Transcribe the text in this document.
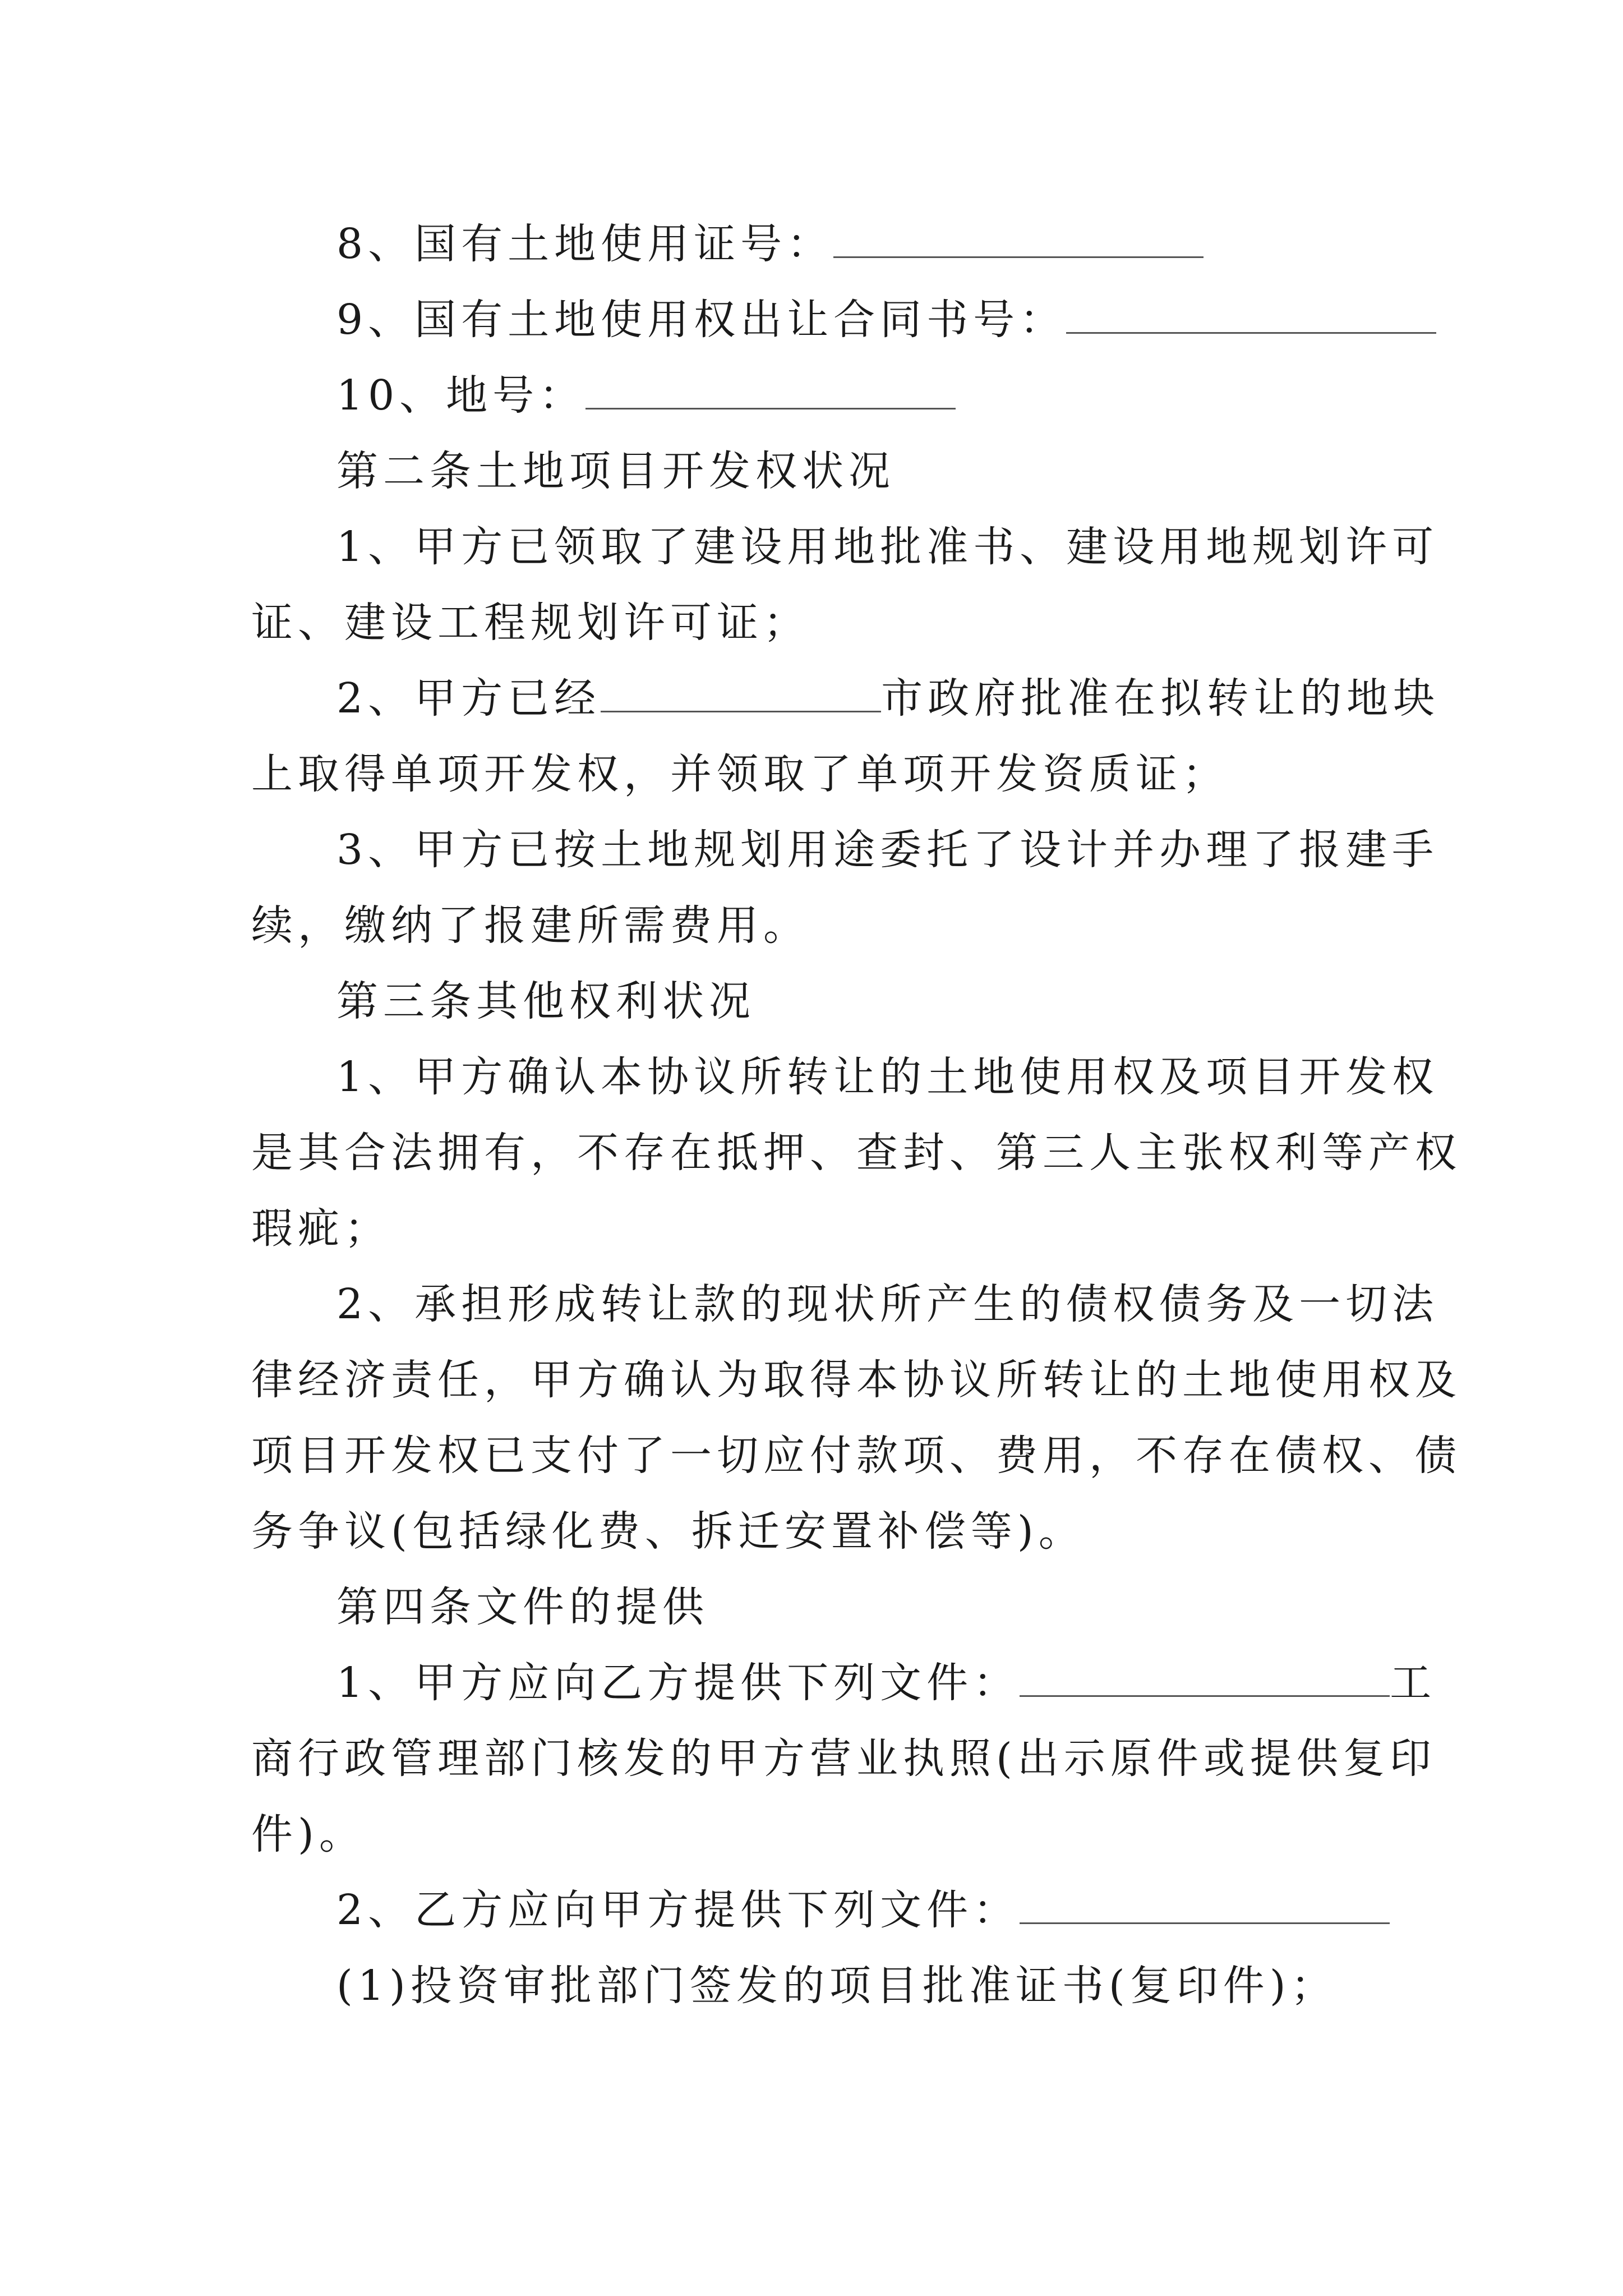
8、国有土地使用证号：
9、国有土地使用权出让合同书号：
10、地号：
第二条土地项目开发权状况
1、甲方已领取了建设用地批准书、建设用地规划许可
证、建设工程规划许可证；
2、甲方已经	市政府批准在拟转让的地块
上取得单项开发权，并领取了单项开发资质证；
3、甲方已按土地规划用途委托了设计并办理了报建手
续，缴纳了报建所需费用。
第三条其他权利状况
1、甲方确认本协议所转让的土地使用权及项目开发权
是其合法拥有，不存在抵押、查封、第三人主张权利等产权
瑕疵；
2、承担形成转让款的现状所产生的债权债务及一切法
律经济责任，甲方确认为取得本协议所转让的土地使用权及
项目开发权已支付了一切应付款项、费用，不存在债权、债
务争议(包括绿化费、拆迁安置补偿等)。
第四条文件的提供
1、甲方应向乙方提供下列文件：	工
商行政管理部门核发的甲方营业执照(出示原件或提供复印
件)。
2、乙方应向甲方提供下列文件：
(1)投资审批部门签发的项目批准证书(复印件)；
